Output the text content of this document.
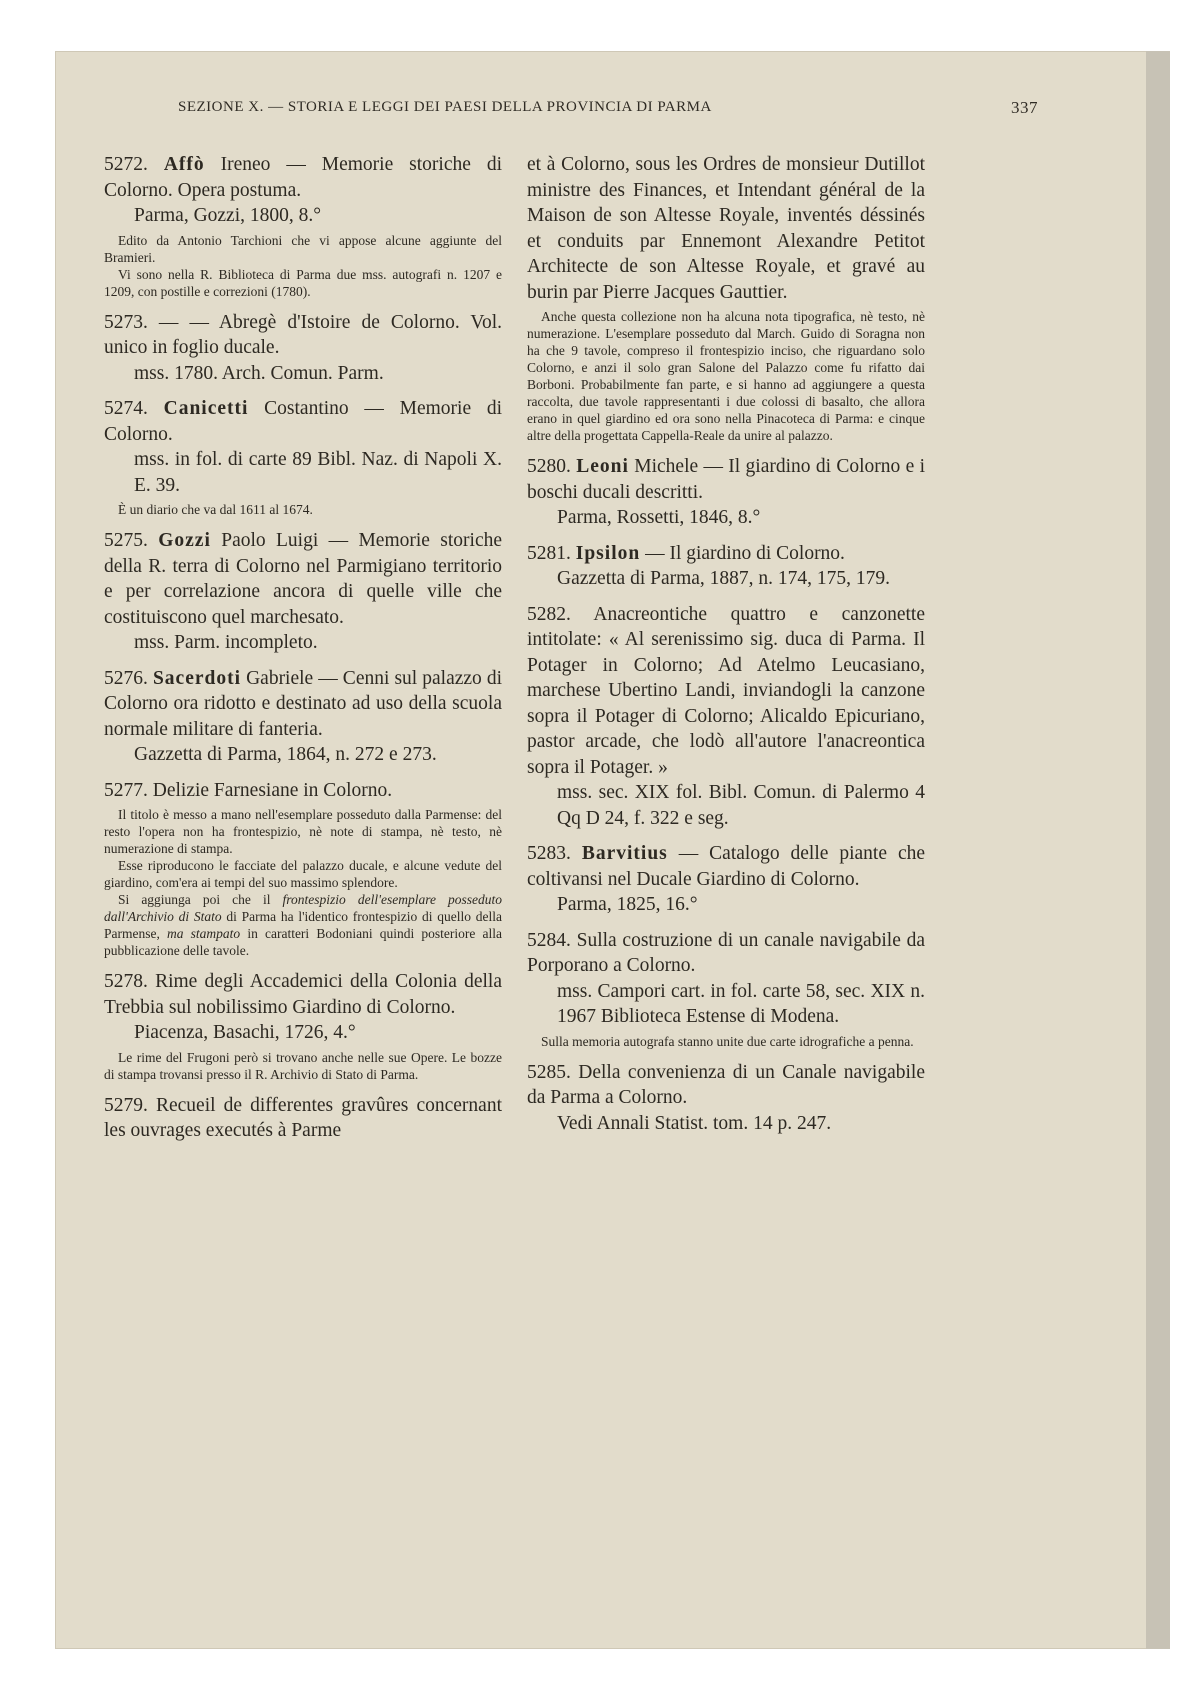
SEZIONE X. — STORIA E LEGGI DEI PAESI DELLA PROVINCIA DI PARMA	337
5272. Affò Ireneo — Memorie storiche di Colorno. Opera postuma.
Parma, Gozzi, 1800, 8.°

Edito da Antonio Tarchioni che vi appose alcune aggiunte del Bramieri.

Vi sono nella R. Biblioteca di Parma due mss. autografi n. 1207 e 1209, con postille e correzioni (1780).

5273. — — Abregè d'Istoire de Colorno. Vol. unico in foglio ducale.
mss. 1780. Arch. Comun. Parm.
5274. Canicetti Costantino — Memorie di Colorno.
mss. in fol. di carte 89 Bibl. Naz. di Napoli X. E. 39.

È un diario che va dal 1611 al 1674.

5275. Gozzi Paolo Luigi — Memorie storiche della R. terra di Colorno nel Parmigiano territorio e per correlazione ancora di quelle ville che costituiscono quel marchesato.
mss. Parm. incompleto.
5276. Sacerdoti Gabriele — Cenni sul palazzo di Colorno ora ridotto e destinato ad uso della scuola normale militare di fanteria.
Gazzetta di Parma, 1864, n. 272 e 273.
5277. Delizie Farnesiane in Colorno.

Il titolo è messo a mano nell'esemplare posseduto dalla Parmense: del resto l'opera non ha frontespizio, nè note di stampa, nè testo, nè numerazione di stampa.

Esse riproducono le facciate del palazzo ducale, e alcune vedute del giardino, com'era ai tempi del suo massimo splendore.

Si aggiunga poi che il frontespizio dell'esemplare posseduto dall'Archivio di Stato di Parma ha l'identico frontespizio di quello della Parmense, ma stampato in caratteri Bodoniani quindi posteriore alla pubblicazione delle tavole.

5278. Rime degli Accademici della Colonia della Trebbia sul nobilissimo Giardino di Colorno.
Piacenza, Basachi, 1726, 4.°

Le rime del Frugoni però si trovano anche nelle sue Opere. Le bozze di stampa trovansi presso il R. Archivio di Stato di Parma.

5279. Recueil de differentes gravûres concernant les ouvrages executés à Parme
et à Colorno, sous les Ordres de monsieur Dutillot ministre des Finances, et Intendant général de la Maison de son Altesse Royale, inventés déssinés et conduits par Ennemont Alexandre Petitot Architecte de son Altesse Royale, et gravé au burin par Pierre Jacques Gauttier.

Anche questa collezione non ha alcuna nota tipografica, nè testo, nè numerazione. L'esemplare posseduto dal March. Guido di Soragna non ha che 9 tavole, compreso il frontespizio inciso, che riguardano solo Colorno, e anzi il solo gran Salone del Palazzo come fu rifatto dai Borboni. Probabilmente fan parte, e si hanno ad aggiungere a questa raccolta, due tavole rappresentanti i due colossi di basalto, che allora erano in quel giardino ed ora sono nella Pinacoteca di Parma: e cinque altre della progettata Cappella-Reale da unire al palazzo.

5280. Leoni Michele — Il giardino di Colorno e i boschi ducali descritti.
Parma, Rossetti, 1846, 8.°
5281. Ipsilon — Il giardino di Colorno.
Gazzetta di Parma, 1887, n. 174, 175, 179.
5282. Anacreontiche quattro e canzonette intitolate: « Al serenissimo sig. duca di Parma. Il Potager in Colorno; Ad Atelmo Leucasiano, marchese Ubertino Landi, inviandogli la canzone sopra il Potager di Colorno; Alicaldo Epicuriano, pastor arcade, che lodò all'autore l'anacreontica sopra il Potager. »
mss. sec. XIX fol. Bibl. Comun. di Palermo 4 Qq D 24, f. 322 e seg.
5283. Barvitius — Catalogo delle piante che coltivansi nel Ducale Giardino di Colorno.
Parma, 1825, 16.°
5284. Sulla costruzione di un canale navigabile da Porporano a Colorno.
mss. Campori cart. in fol. carte 58, sec. XIX n. 1967 Biblioteca Estense di Modena.

Sulla memoria autografa stanno unite due carte idrografiche a penna.

5285. Della convenienza di un Canale navigabile da Parma a Colorno.
Vedi Annali Statist. tom. 14 p. 247.
